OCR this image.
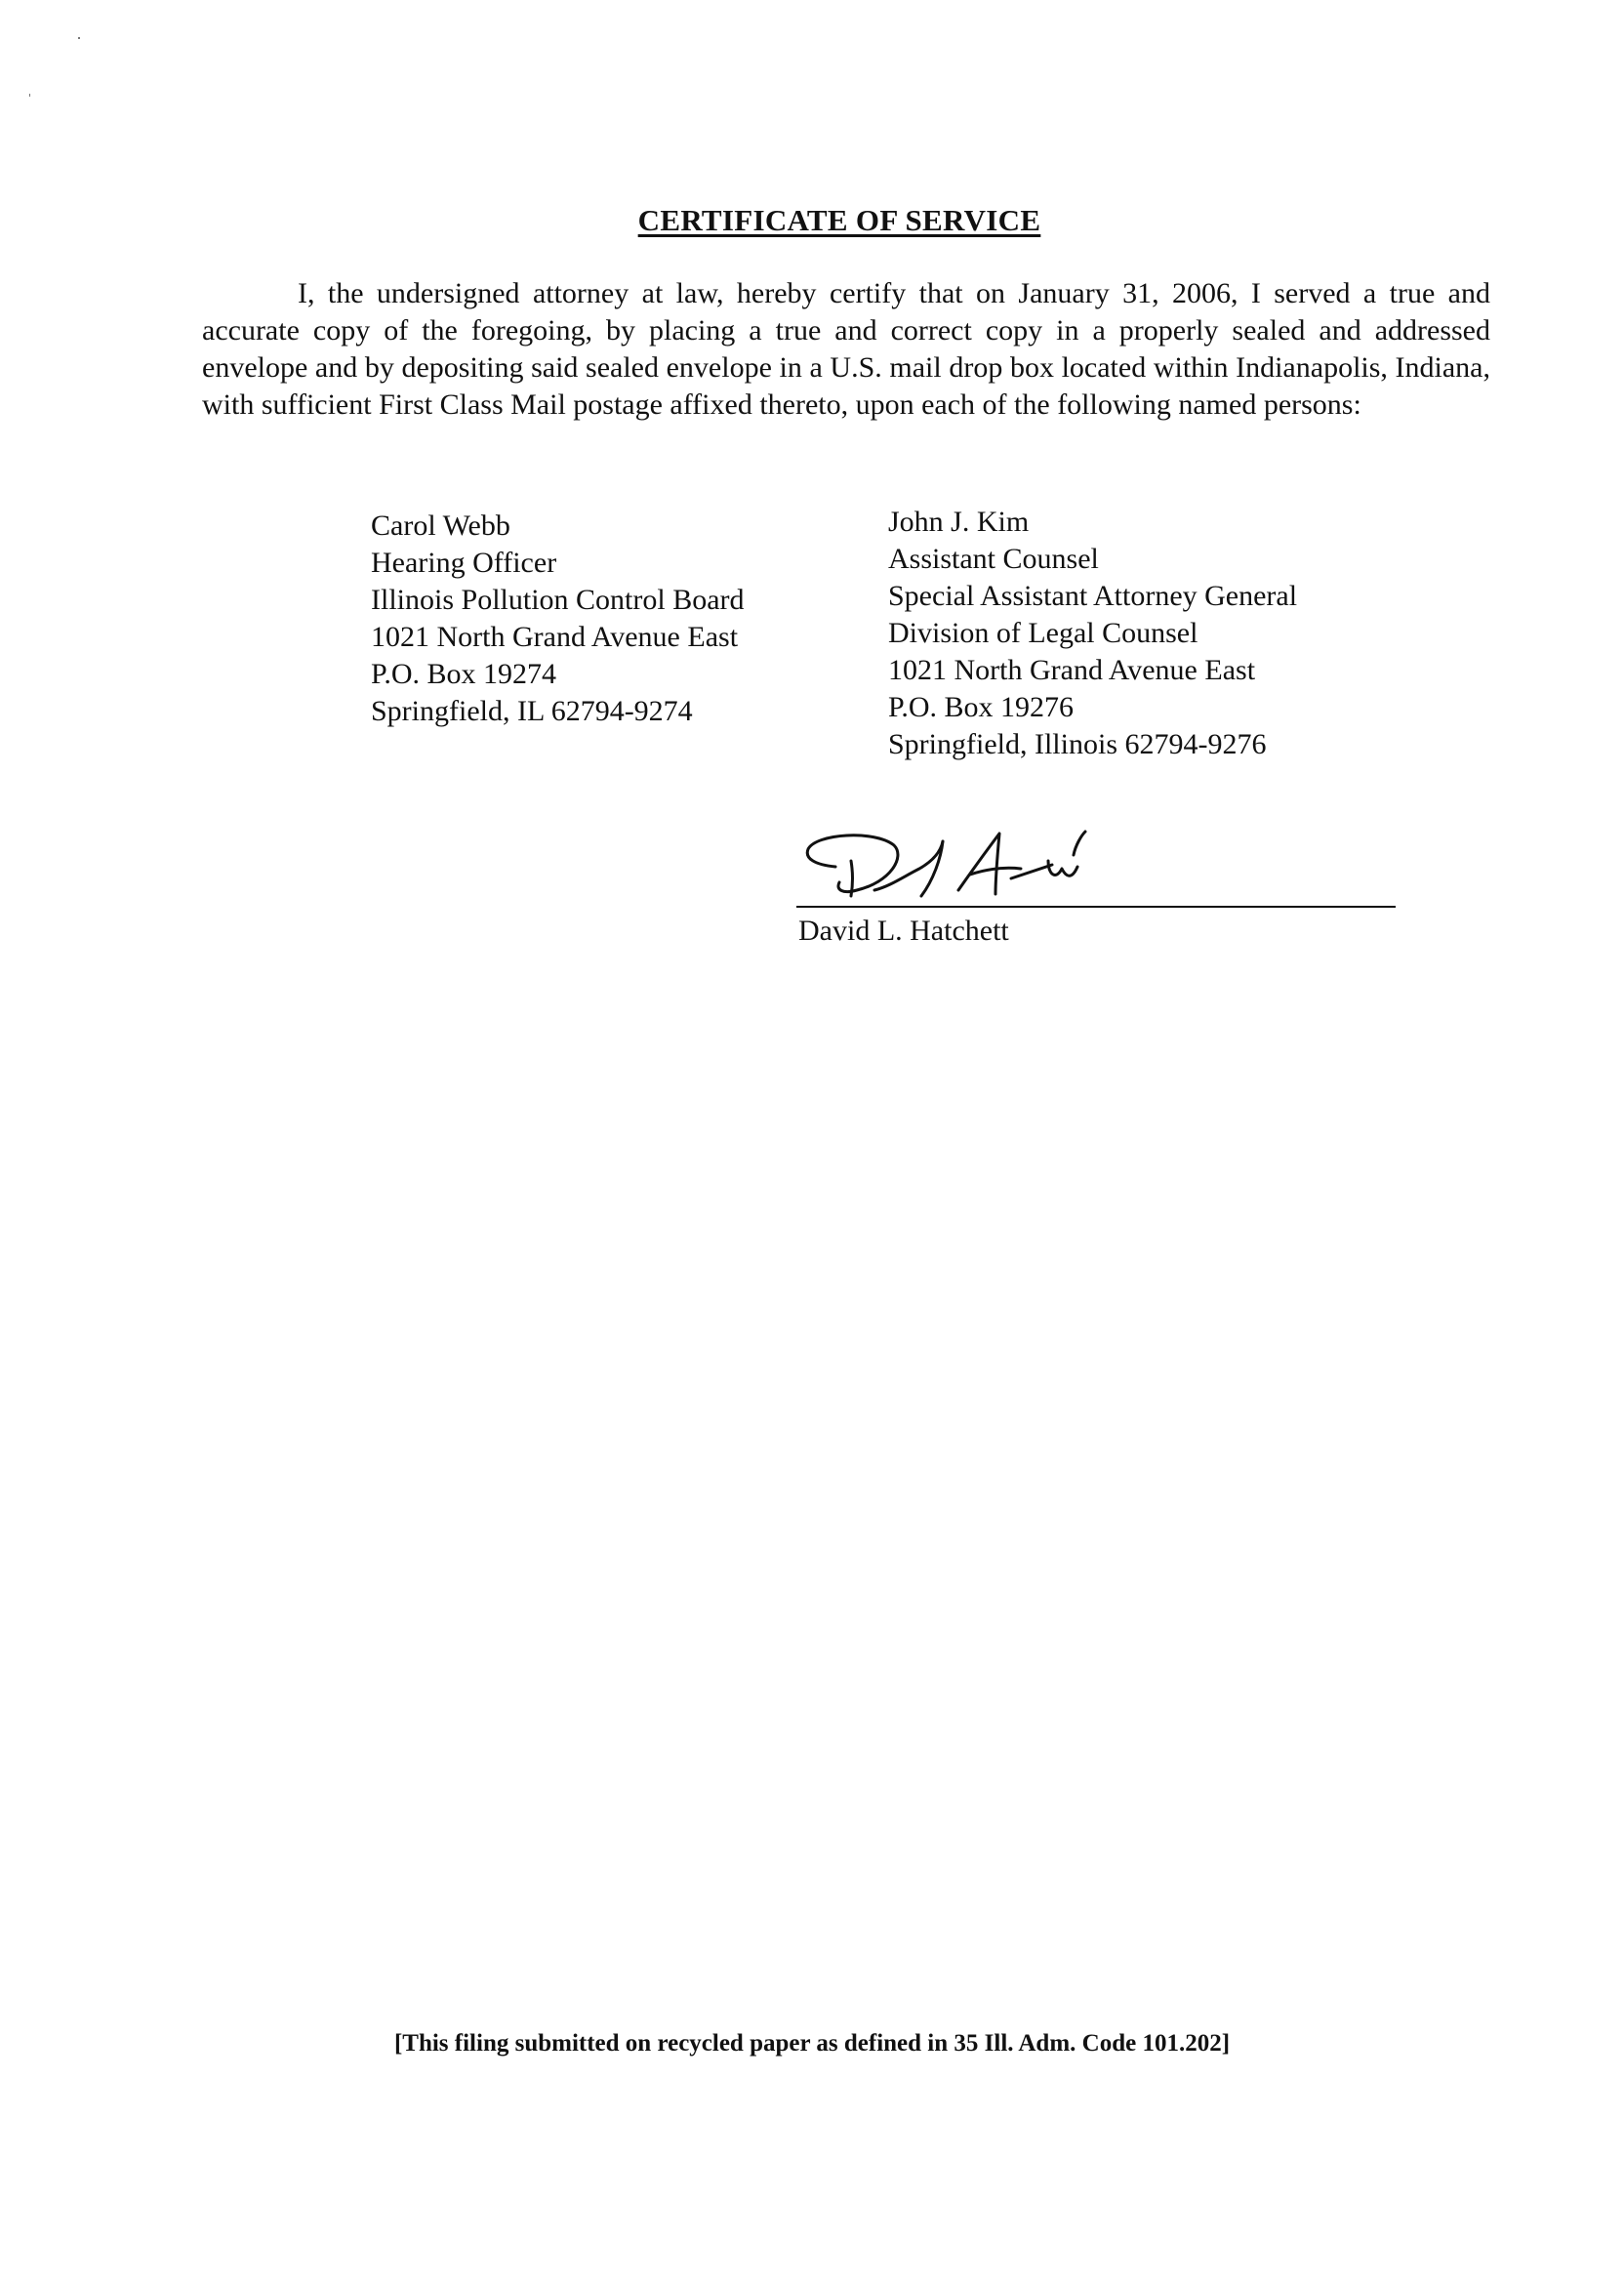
CERTIFICATE OF SERVICE
I, the undersigned attorney at law, hereby certify that on January 31, 2006, I served a true and accurate copy of the foregoing, by placing a true and correct copy in a properly sealed and addressed envelope and by depositing said sealed envelope in a U.S. mail drop box located within Indianapolis, Indiana, with sufficient First Class Mail postage affixed thereto, upon each of the following named persons:
Carol Webb
Hearing Officer
Illinois Pollution Control Board
1021 North Grand Avenue East
P.O. Box 19274
Springfield, IL 62794-9274
John J. Kim
Assistant Counsel
Special Assistant Attorney General
Division of Legal Counsel
1021 North Grand Avenue East
P.O. Box 19276
Springfield, Illinois 62794-9276
David L. Hatchett
[This filing submitted on recycled paper as defined in 35 Ill. Adm. Code 101.202]
